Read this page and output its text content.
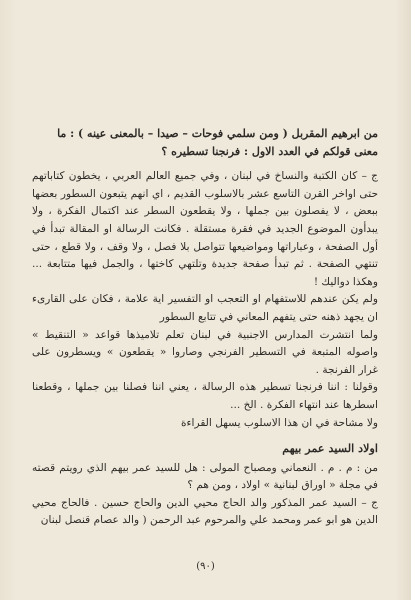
من ابرهيم المقربل ( ومن سلمي فوحات – صيدا – بالمعنى عينه ) : ما معنى قولكم في العدد الاول : فرنجنا تسطيره ؟

ج – كان الكتبة والنساخ في لبنان ، وفي جميع العالم العربي ، يخطون كتاباتهم حتى اواخر القرن التاسع عشر بالاسلوب القديم ، اي انهم يتبعون السطور بعضها ببعض ، لا يفصلون بين جملها ، ولا يقطعون السطر عند اكتمال الفكرة ، ولا يبدأون الموضوع الجديد في فقرة مستقلة . فكانت الرسالة او المقالة تبدأ في أول الصفحة ، وعباراتها ومواضيعها تتواصل بلا فصل ، ولا وقف ، ولا قطع ، حتى تنتهي الصفحة . ثم تبدأ صفحة جديدة وتلتهي كاختها ، والجمل فيها متتابعة ... وهكذا دواليك !

ولم يكن عندهم للاستفهام او التعجب او التفسير اية علامة ، فكان على القارىء ان يجهد ذهنه حتى يتفهم المعاني في تتابع السطور

ولما انتشرت المدارس الاجنبية في لبنان تعلم تلاميذها قواعد « التنقيط » واصوله المتبعة في التسطير الفرنجي وصاروا « يقطعون » ويسطرون على غرار الفرنجة .

وقولنا : اننا فرنجنا تسطير هذه الرسالة ، يعني اننا فصلنا بين جملها ، وقطعنا اسطرها عند انتهاء الفكرة . الخ ...

ولا مشاحة في ان هذا الاسلوب يسهل القراءة

اولاد السيد عمر بيهم

من : م . م . النعماني ومصباح المولى : هل للسيد عمر بيهم الذي رويتم قصته في مجلة « اوراق لبنانية » اولاد ، ومن هم ؟

ج – السيد عمر المذكور والد الحاج محيي الدين والحاج حسين . فالحاج محيي الدين هو ابو عمر ومحمد علي والمرحوم عبد الرحمن ( والد عصام قنصل لبنان

(٩٠)
